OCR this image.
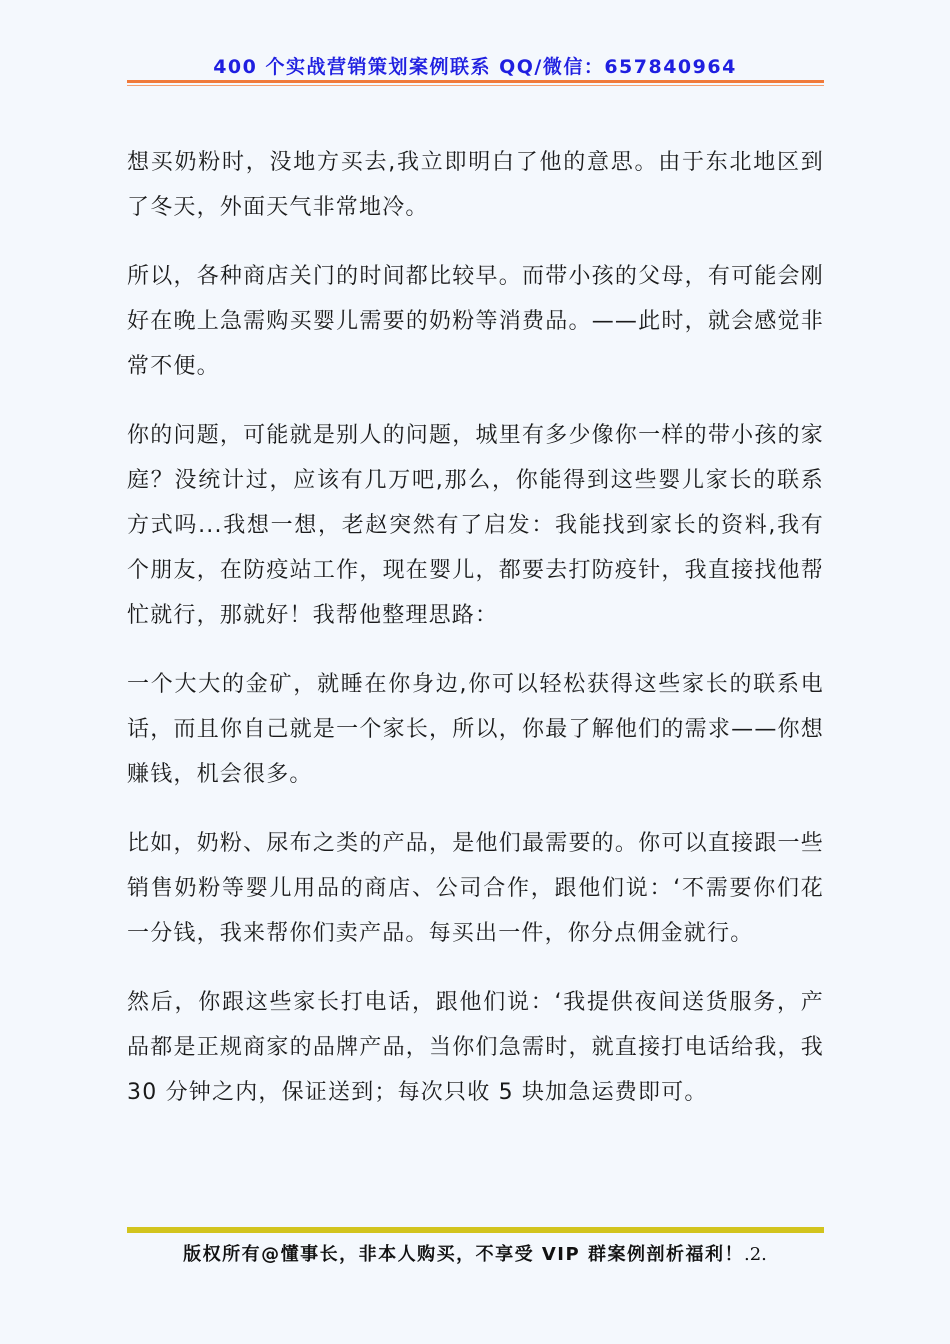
400 个实战营销策划案例联系 QQ/微信：657840964

想买奶粉时，没地方买去,我立即明白了他的意思。由于东北地区到了冬天，外面天气非常地冷。

所以，各种商店关门的时间都比较早。而带小孩的父母，有可能会刚好在晚上急需购买婴儿需要的奶粉等消费品。——此时，就会感觉非常不便。

你的问题，可能就是别人的问题，城里有多少像你一样的带小孩的家庭？没统计过，应该有几万吧,那么，你能得到这些婴儿家长的联系方式吗...我想一想，老赵突然有了启发：我能找到家长的资料,我有个朋友，在防疫站工作，现在婴儿，都要去打防疫针，我直接找他帮忙就行，那就好！我帮他整理思路：

一个大大的金矿，就睡在你身边,你可以轻松获得这些家长的联系电话，而且你自己就是一个家长，所以，你最了解他们的需求——你想赚钱，机会很多。

比如，奶粉、尿布之类的产品，是他们最需要的。你可以直接跟一些销售奶粉等婴儿用品的商店、公司合作，跟他们说：‘不需要你们花一分钱，我来帮你们卖产品。每买出一件，你分点佣金就行。

然后，你跟这些家长打电话，跟他们说：‘我提供夜间送货服务，产品都是正规商家的品牌产品，当你们急需时，就直接打电话给我，我 30 分钟之内，保证送到；每次只收 5 块加急运费即可。

版权所有@懂事长，非本人购买，不享受 VIP 群案例剖析福利！.2.
